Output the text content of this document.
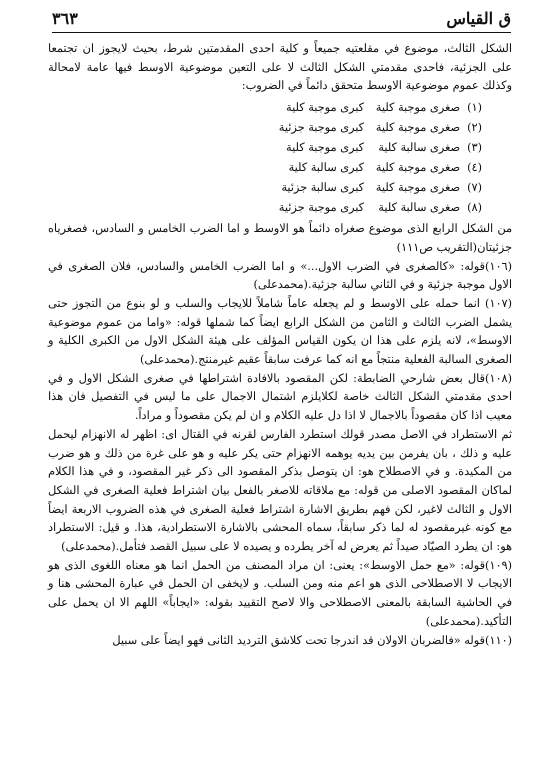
ق القياس
٣٦٣

الشكل الثالث، موضوع في مقلعتيه جميعاً و كلية احدى المقدمتين شرط، بحيث لايجوز ان تجتمعا على الجزئية، فاحدى مقدمتي الشكل الثالث لا على التعين موضوعية الاوسط فيها عامة لامحالة وكذلك عموم موضوعية الاوسط متحقق دائماً في الضروب:

(١)
صغرى موجبة كلية
كبرى موجبة كلية
(٢)
صغرى موجبة كلية
كبرى موجبة جزئية
(٣)
صغرى سالبة كلية
كبرى موجبة كلية
(٤)
صغرى موجبة كلية
كبرى سالبة كلية
(٧)
صغرى موجبة كلية
كبرى سالبة جزئية
(٨)
صغرى سالبة كلية
كبرى موجبة جزئية

من الشكل الرابع الذى موضوع صغراه دائماً هو الاوسط و اما الضرب الخامس و السادس، فصغرياه جزئيتان(التقريب ص١١١)

(١٠٦)قوله: «كالصغرى في الضرب الاول...» و اما الضرب الخامس والسادس، فلان الصغرى في الاول موجبة جزئية و في الثاني سالبة جزئية.(محمدعلى)

(١٠٧) انما حمله على الاوسط و لم يجعله عاماً شاملاً للايجاب والسلب و لو بنوع من التجوز حتى يشمل الضرب الثالث و الثامن من الشكل الرابع ايضاً كما شملها قوله: «واما من عموم موضوعية الاوسط»، لانه يلزم على هذا ان يكون القياس المؤلف على هيئة الشكل الاول من الكبرى الكلية و الصغرى السالبة الفعلية منتجاً مع انه كما عرفت سابقاً عقيم غيرمنتج.(محمدعلى)

(١٠٨)قال بعض شارحي الضابطة: لكن المقصود بالافادة اشتراطها في صغرى الشكل الاول و في احدى مقدمتي الشكل الثالث خاصة لكلايلزم اشتمال الاجمال على ما ليس في التفصيل فان هذا معيب اذا كان مقصوداً بالاجمال لا اذا دل عليه الكلام و ان لم يكن مقصوداً و مراداً.

ثم الاستطراد في الاصل مصدر قولك استطرد الفارس لقرنه في القتال اى: اظهر له الانهزام ليحمل عليه و ذلك ، بان يفرمن بين يديه يوهمه الانهزام حتى يكر عليه و هو على غرة من ذلك و هو ضرب من المكيدة. و في الاصطلاح هو: ان يتوصل بذكر المقصود الى ذكر غير المقصود، و في هذا الكلام لماكان المقصود الاصلى من قوله: مع ملاقاته للاصغر بالفعل بيان اشتراط فعلية الصغرى في الشكل الاول و الثالث لاغير، لكن فهم بطريق الاشارة اشتراط فعلية الصغرى في هذه الضروب الاربعة ايضاً مع كونه غيرمقصود له لما ذكر سابقاً، سماه المحشى بالاشارة الاستطرادية، هذا. و قيل: الاستطراد هو: ان يطرد الصيّاد صيداً ثم يعرض له آخر يطرده و يصيده لا على سبيل القصد فتأمل.(محمدعلى)

(١٠٩)قوله: «مع حمل الاوسط»: يعنى: ان مراد المصنف من الحمل انما هو معناه اللغوى الذى هو الايجاب لا الاصطلاحى الذى هو اعم منه ومن السلب. و لايخفى ان الحمل في عبارة المحشى هنا و في الحاشية السابقة بالمعنى الاصطلاحى والا لاصح التقييد بقوله: «ايجاباً» اللهم الا ان يحمل على التأكيد.(محمدعلى)

(١١٠)قوله «فالضربان الاولان قد اندرجا تحت كلاشق الترديد الثانى فهو ايضاً على سبيل
